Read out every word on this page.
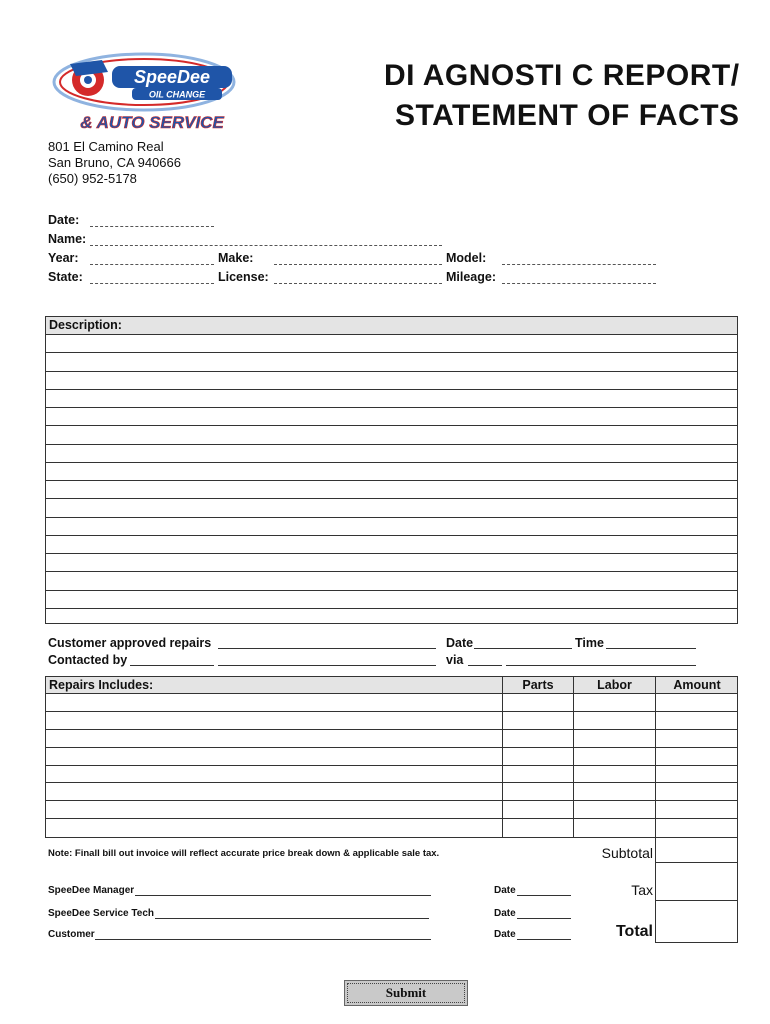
SpeeDee
OIL CHANGE
& AUTO SERVICE
DI AGNOSTI C REPORT/
STATEMENT OF FACTS
801 El Camino Real
San Bruno, CA 940666
(650) 952-5178
Date:
Name:
Year:	Make:	Model:
State:	License:	Mileage:
Description:
Customer approved repairs	Date	Time
Contacted by	via
Repairs Includes:	Parts	Labor	Amount
Note: Finall bill out invoice will reflect accurate price break down & applicable sale tax.	Subtotal
Tax
Total
SpeeDee Manager	Date
SpeeDee Service Tech	Date
Customer	Date
Submit
